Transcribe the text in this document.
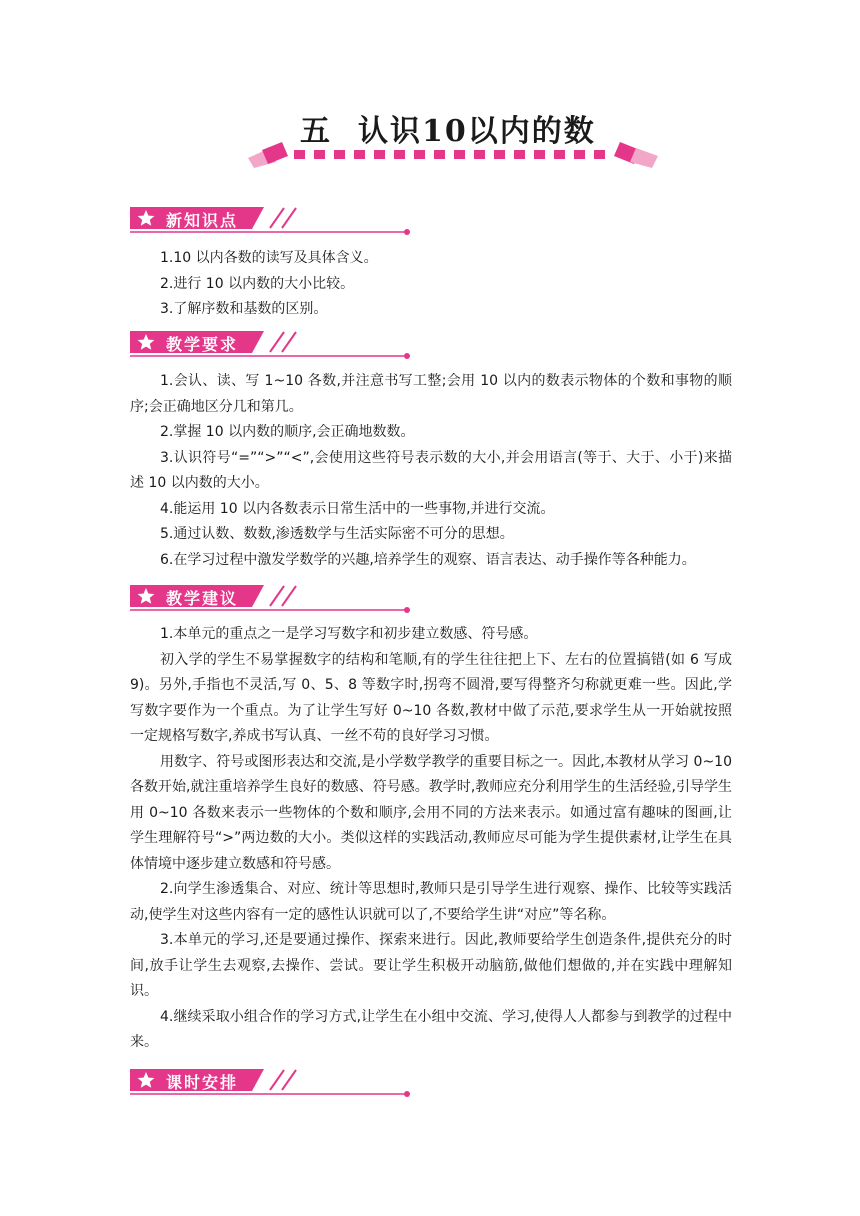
五 认识10以内的数
新知识点

1.10 以内各数的读写及具体含义。

2.进行 10 以内数的大小比较。

3.了解序数和基数的区别。

教学要求

1.会认、读、写 1~10 各数,并注意书写工整;会用 10 以内的数表示物体的个数和事物的顺序;会正确地区分几和第几。

2.掌握 10 以内数的顺序,会正确地数数。

3.认识符号“=”“>”“<”,会使用这些符号表示数的大小,并会用语言(等于、大于、小于)来描述 10 以内数的大小。

4.能运用 10 以内各数表示日常生活中的一些事物,并进行交流。

5.通过认数、数数,渗透数学与生活实际密不可分的思想。

6.在学习过程中激发学数学的兴趣,培养学生的观察、语言表达、动手操作等各种能力。

教学建议

1.本单元的重点之一是学习写数字和初步建立数感、符号感。

初入学的学生不易掌握数字的结构和笔顺,有的学生往往把上下、左右的位置搞错(如 6 写成 9)。另外,手指也不灵活,写 0、5、8 等数字时,拐弯不圆滑,要写得整齐匀称就更难一些。因此,学写数字要作为一个重点。为了让学生写好 0~10 各数,教材中做了示范,要求学生从一开始就按照一定规格写数字,养成书写认真、一丝不苟的良好学习习惯。

用数字、符号或图形表达和交流,是小学数学教学的重要目标之一。因此,本教材从学习 0~10 各数开始,就注重培养学生良好的数感、符号感。教学时,教师应充分利用学生的生活经验,引导学生用 0~10 各数来表示一些物体的个数和顺序,会用不同的方法来表示。如通过富有趣味的图画,让学生理解符号“>”两边数的大小。类似这样的实践活动,教师应尽可能为学生提供素材,让学生在具体情境中逐步建立数感和符号感。

2.向学生渗透集合、对应、统计等思想时,教师只是引导学生进行观察、操作、比较等实践活动,使学生对这些内容有一定的感性认识就可以了,不要给学生讲“对应”等名称。

3.本单元的学习,还是要通过操作、探索来进行。因此,教师要给学生创造条件,提供充分的时间,放手让学生去观察,去操作、尝试。要让学生积极开动脑筋,做他们想做的,并在实践中理解知识。

4.继续采取小组合作的学习方式,让学生在小组中交流、学习,使得人人都参与到教学的过程中来。

课时安排
